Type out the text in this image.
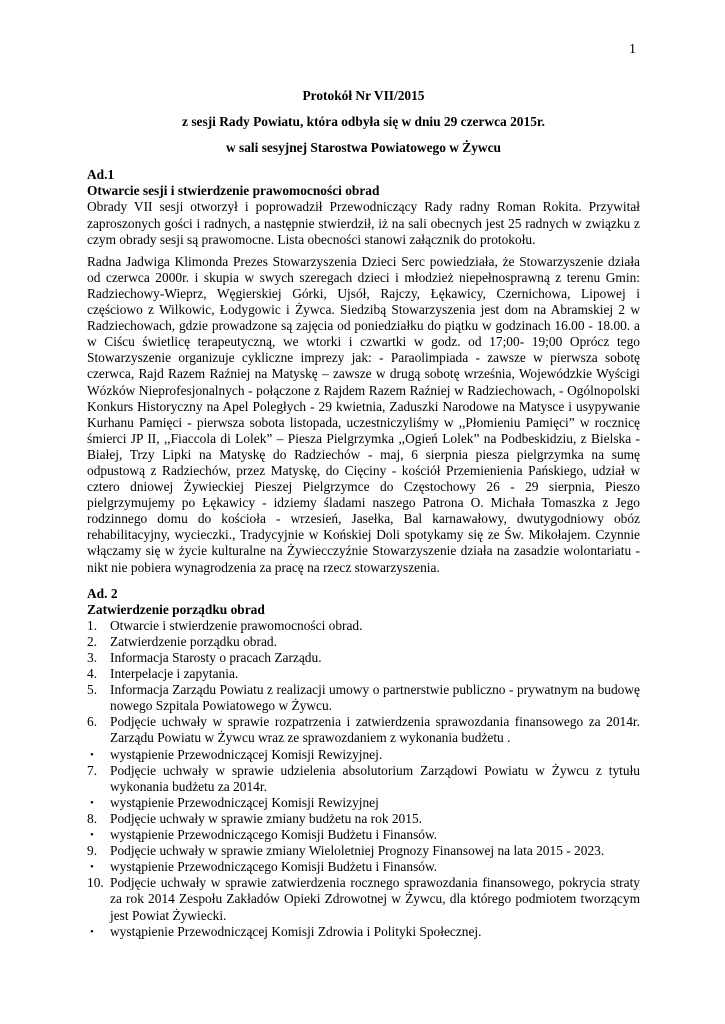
1

Protokół Nr VII/2015

z sesji Rady Powiatu, która odbyła się w dniu 29 czerwca 2015r.

w sali sesyjnej Starostwa Powiatowego w Żywcu

Ad.1
Otwarcie sesji i stwierdzenie prawomocności obrad

Obrady VII sesji otworzył i poprowadził Przewodniczący Rady radny Roman Rokita. Przywitał zaproszonych gości i radnych, a następnie stwierdził, iż na sali obecnych jest 25 radnych w związku z czym obrady sesji są prawomocne. Lista obecności stanowi załącznik do protokołu.

Radna Jadwiga Klimonda Prezes Stowarzyszenia Dzieci Serc powiedziała, że Stowarzyszenie działa od czerwca 2000r. i skupia w swych szeregach dzieci i młodzież niepełnosprawną z terenu Gmin: Radziechowy-Wieprz, Węgierskiej Górki, Ujsół, Rajczy, Łękawicy, Czernichowa, Lipowej i częściowo z Wilkowic, Łodygowic i Żywca. Siedzibą Stowarzyszenia jest dom na Abramskiej 2 w Radziechowach, gdzie prowadzone są zajęcia od poniedziałku do piątku w godzinach 16.00 - 18.00. a w Ciścu świetlicę terapeutyczną, we wtorki i czwartki w godz. od 17;00- 19;00 Oprócz tego Stowarzyszenie organizuje cykliczne imprezy jak: - Paraolimpiada - zawsze w pierwsza sobotę czerwca, Rajd Razem Raźniej na Matyskę – zawsze w drugą sobotę września, Wojewódzkie Wyścigi Wózków Nieprofesjonalnych - połączone z Rajdem Razem Raźniej w Radziechowach, - Ogólnopolski Konkurs Historyczny na Apel Poległych - 29 kwietnia, Zaduszki Narodowe na Matysce i usypywanie Kurhanu Pamięci - pierwsza sobota listopada, uczestniczyliśmy w ,,Płomieniu Pamięci” w rocznicę śmierci JP II, ,,Fiaccola di Lolek” – Piesza Pielgrzymka ,,Ogień Lolek” na Podbeskidziu, z Bielska - Białej, Trzy Lipki na Matyskę do Radziechów - maj, 6 sierpnia piesza pielgrzymka na sumę odpustową z Radziechów, przez Matyskę, do Cięciny - kościół Przemienienia Pańskiego, udział w cztero dniowej Żywieckiej Pieszej Pielgrzymce do Częstochowy 26 - 29 sierpnia, Pieszo pielgrzymujemy po Łękawicy - idziemy śladami naszego Patrona O. Michała Tomaszka z Jego rodzinnego domu do kościoła - wrzesień, Jasełka, Bal karnawałowy, dwutygodniowy obóz rehabilitacyjny, wycieczki., Tradycyjnie w Końskiej Doli spotykamy się ze Św. Mikołajem. Czynnie włączamy się w życie kulturalne na Żywiecczyźnie Stowarzyszenie działa na zasadzie wolontariatu - nikt nie pobiera wynagrodzenia za pracę na rzecz stowarzyszenia.

Ad. 2
Zatwierdzenie porządku obrad
1. Otwarcie i stwierdzenie prawomocności obrad.
2. Zatwierdzenie porządku obrad.
3. Informacja Starosty o pracach Zarządu.
4. Interpelacje i zapytania.
5. Informacja Zarządu Powiatu z realizacji umowy o partnerstwie publiczno - prywatnym na budowę nowego Szpitala Powiatowego w Żywcu.
6. Podjęcie uchwały w sprawie rozpatrzenia i zatwierdzenia sprawozdania finansowego za 2014r. Zarządu Powiatu w Żywcu wraz ze sprawozdaniem z wykonania budżetu .
• wystąpienie Przewodniczącej Komisji Rewizyjnej.
7. Podjęcie uchwały w sprawie udzielenia absolutorium Zarządowi Powiatu w Żywcu z tytułu wykonania budżetu za 2014r.
• wystąpienie Przewodniczącej Komisji Rewizyjnej
8. Podjęcie uchwały w sprawie zmiany budżetu na rok 2015.
• wystąpienie Przewodniczącego Komisji Budżetu i Finansów.
9. Podjęcie uchwały w sprawie zmiany Wieloletniej Prognozy Finansowej na lata 2015 - 2023.
• wystąpienie Przewodniczącego Komisji Budżetu i Finansów.
10. Podjęcie uchwały w sprawie zatwierdzenia rocznego sprawozdania finansowego, pokrycia straty za rok 2014 Zespołu Zakładów Opieki Zdrowotnej w Żywcu, dla którego podmiotem tworzącym jest Powiat Żywiecki.
• wystąpienie Przewodniczącej Komisji Zdrowia i Polityki Społecznej.
